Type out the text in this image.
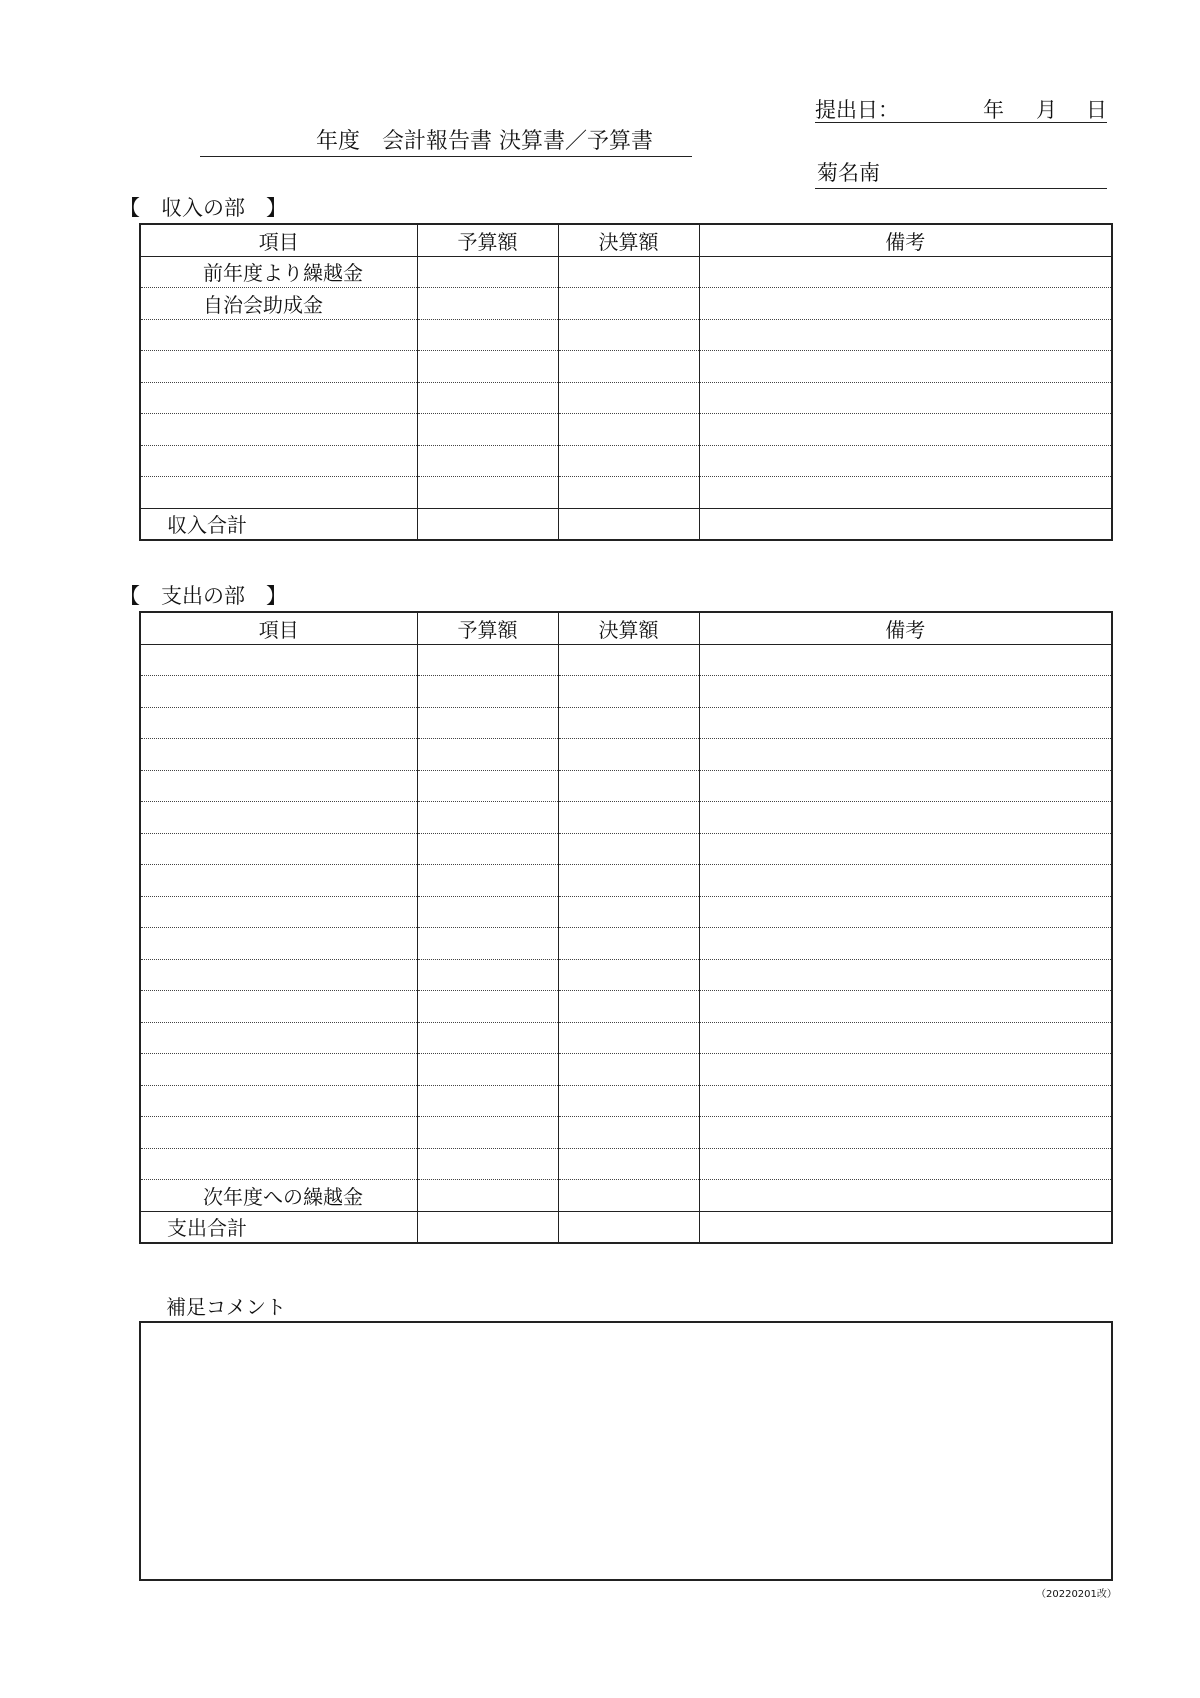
提出日：	年 月 日
年度　会計報告書 決算書／予算書
菊名南
【　収入の部　】
項目	予算額	決算額	備考
前年度より繰越金			
自治会助成金			

収入合計			
【　支出の部　】
項目	予算額	決算額	備考

次年度への繰越金			
支出合計			
補足コメント
（20220201改）
